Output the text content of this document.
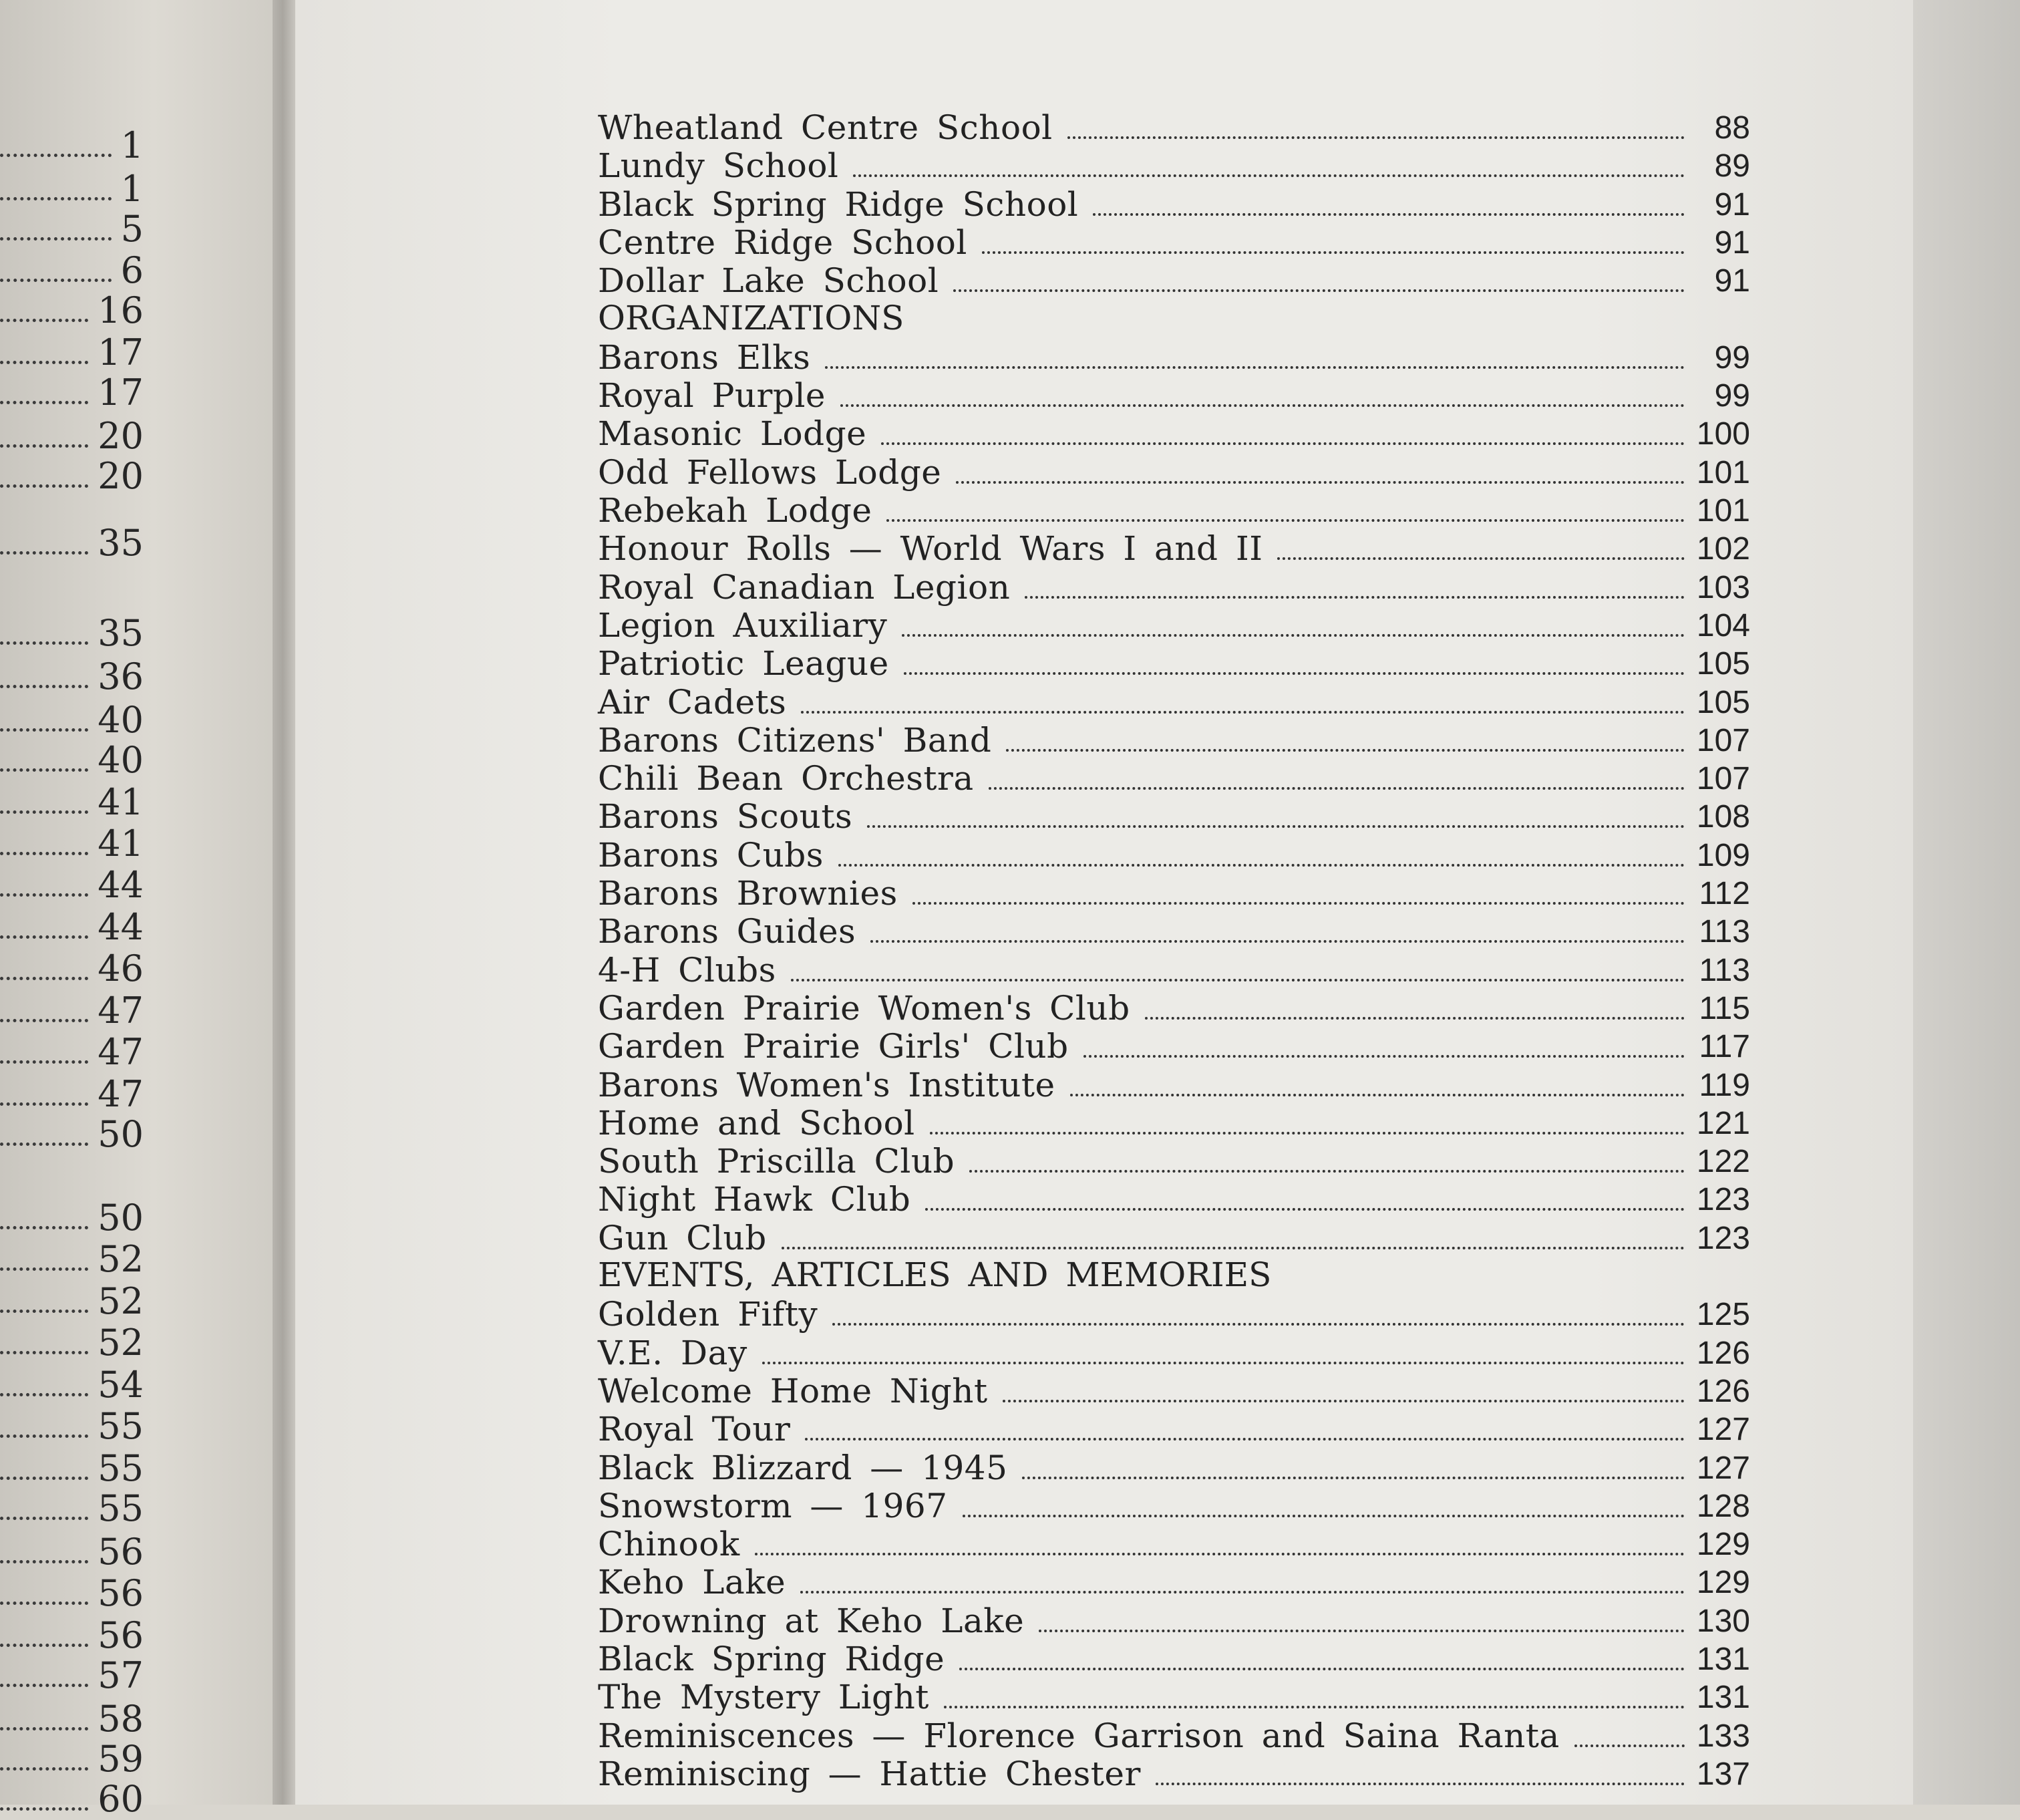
1
1
5
6
16
17
17
20
20
35
35
36
40
40
41
41
44
44
46
47
47
47
50
50
52
52
52
54
55
55
55
56
56
56
57
58
59
60
Wheatland Centre School	88
Lundy School	89
Black Spring Ridge School	91
Centre Ridge School	91
Dollar Lake School	91
ORGANIZATIONS
Barons Elks	99
Royal Purple	99
Masonic Lodge	100
Odd Fellows Lodge	101
Rebekah Lodge	101
Honour Rolls — World Wars I and II	102
Royal Canadian Legion	103
Legion Auxiliary	104
Patriotic League	105
Air Cadets	105
Barons Citizens' Band	107
Chili Bean Orchestra	107
Barons Scouts	108
Barons Cubs	109
Barons Brownies	112
Barons Guides	113
4-H Clubs	113
Garden Prairie Women's Club	115
Garden Prairie Girls' Club	117
Barons Women's Institute	119
Home and School	121
South Priscilla Club	122
Night Hawk Club	123
Gun Club	123
EVENTS, ARTICLES AND MEMORIES
Golden Fifty	125
V.E. Day	126
Welcome Home Night	126
Royal Tour	127
Black Blizzard — 1945	127
Snowstorm — 1967	128
Chinook	129
Keho Lake	129
Drowning at Keho Lake	130
Black Spring Ridge	131
The Mystery Light	131
Reminiscences — Florence Garrison and Saina Ranta	133
Reminiscing — Hattie Chester	137
